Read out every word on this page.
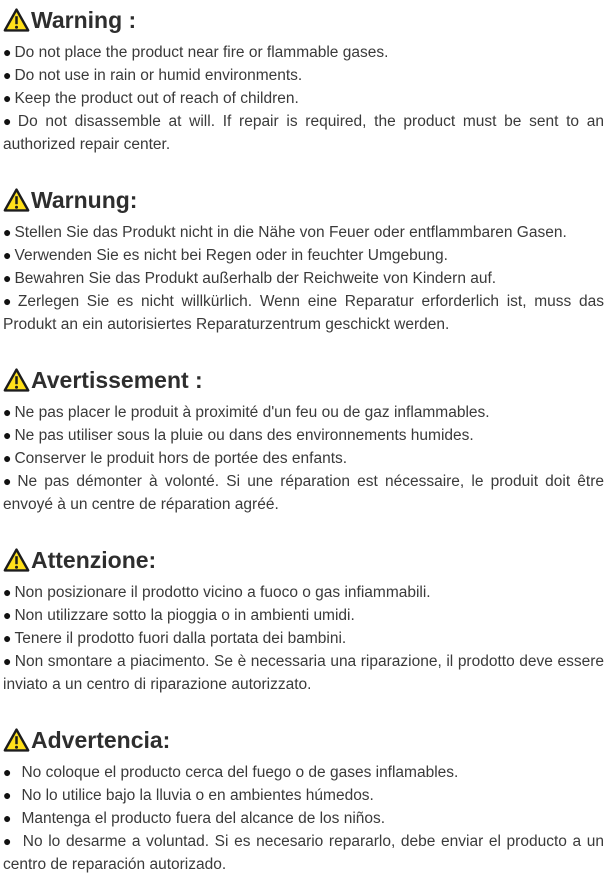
Warning :

● Do not place the product near fire or flammable gases.

● Do not use in rain or humid environments.

● Keep the product out of reach of children.

● Do not disassemble at will. If repair is required, the product must be sent to an authorized repair center.

Warnung:

● Stellen Sie das Produkt nicht in die Nähe von Feuer oder entflammbaren Gasen.

● Verwenden Sie es nicht bei Regen oder in feuchter Umgebung.

● Bewahren Sie das Produkt außerhalb der Reichweite von Kindern auf.

● Zerlegen Sie es nicht willkürlich. Wenn eine Reparatur erforderlich ist, muss das Produkt an ein autorisiertes Reparaturzentrum geschickt werden.

Avertissement :

● Ne pas placer le produit à proximité d'un feu ou de gaz inflammables.

● Ne pas utiliser sous la pluie ou dans des environnements humides.

● Conserver le produit hors de portée des enfants.

● Ne pas démonter à volonté. Si une réparation est nécessaire, le produit doit être envoyé à un centre de réparation agréé.

Attenzione:

● Non posizionare il prodotto vicino a fuoco o gas infiammabili.

● Non utilizzare sotto la pioggia o in ambienti umidi.

● Tenere il prodotto fuori dalla portata dei bambini.

● Non smontare a piacimento. Se è necessaria una riparazione, il prodotto deve essere inviato a un centro di riparazione autorizzato.

Advertencia:

● No coloque el producto cerca del fuego o de gases inflamables.

● No lo utilice bajo la lluvia o en ambientes húmedos.

● Mantenga el producto fuera del alcance de los niños.

● No lo desarme a voluntad. Si es necesario repararlo, debe enviar el producto a un centro de reparación autorizado.
